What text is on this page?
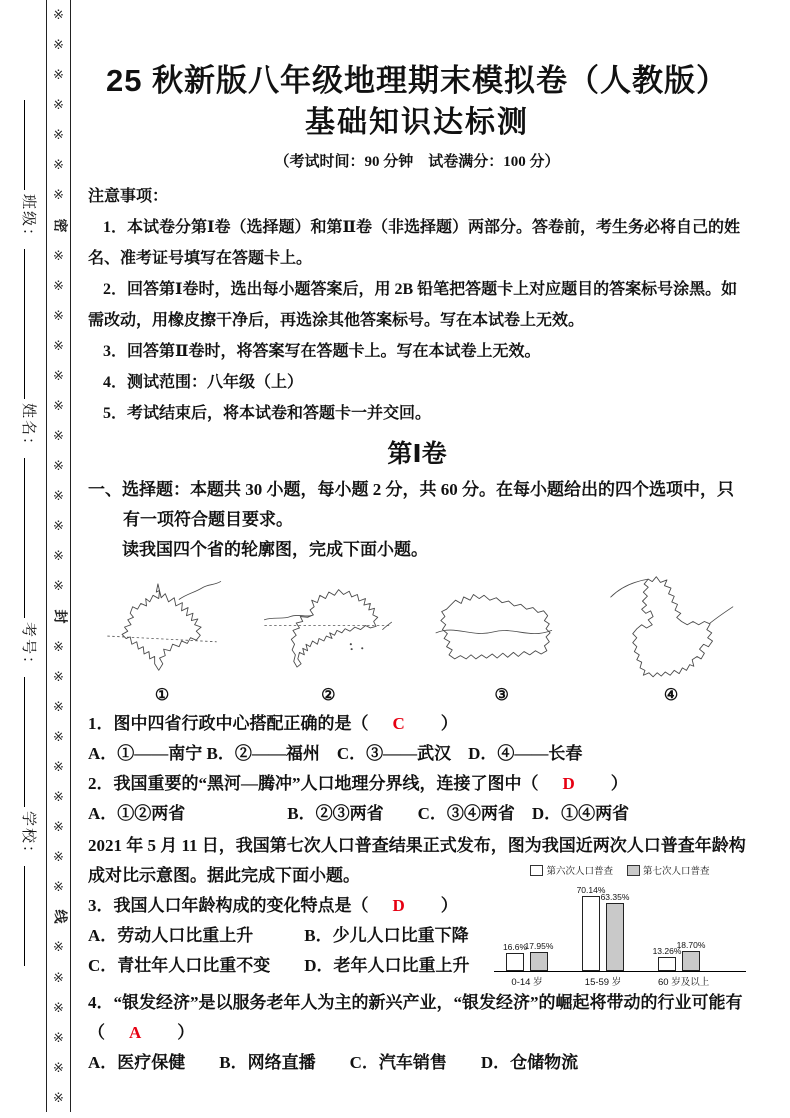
※
※
※
※
※
※
※
密
※
※
※
※
※
※
※
※
※
※
※
※
封
※
※
※
※
※
※
※
※
※
线
※
※
※
※
※
※
班级：姓名：考号：学校：
25 秋新版八年级地理期末模拟卷（人教版）
基础知识达标测

（考试时间：90 分钟　试卷满分：100 分）

注意事项：

1．本试卷分第Ⅰ卷（选择题）和第Ⅱ卷（非选择题）两部分。答卷前，考生务必将自己的姓名、准考证号填写在答题卡上。

2．回答第Ⅰ卷时，选出每小题答案后，用 2B 铅笔把答题卡上对应题目的答案标号涂黑。如需改动，用橡皮擦干净后，再选涂其他答案标号。写在本试卷上无效。

3．回答第Ⅱ卷时，将答案写在答题卡上。写在本试卷上无效。

4．测试范围：八年级（上）

5．考试结束后，将本试卷和答题卡一并交回。

第Ⅰ卷

一、选择题：本题共 30 小题，每小题 2 分，共 60 分。在每小题给出的四个选项中，只有一项符合题目要求。

读我国四个省的轮廓图，完成下面小题。

①	②	③	④

1．图中四省行政中心搭配正确的是（ C ）

A．①——南宁 B．②——福州　C．③——武汉　D．④——长春

2．我国重要的“黑河—腾冲”人口地理分界线，连接了图中（ D ）

A．①②两省　　　　　　B．②③两省　　C．③④两省　D．①④两省

第六次人口普查	第七次人口普查
16.6%
17.95%
70.14%
63.35%
13.26%
18.70%
0-14 岁	15-59 岁	60 岁及以上

2021 年 5 月 11 日，我国第七次人口普查结果正式发布，图为我国近两次人口普查年龄构成对比示意图。据此完成下面小题。

3．我国人口年龄构成的变化特点是（ D ）

A．劳动人口比重上升　　　B．少儿人口比重下降

C．青壮年人口比重不变　　D．老年人口比重上升

4．“银发经济”是以服务老年人为主的新兴产业，“银发经济”的崛起将带动的行业可能有（ A ）

A．医疗保健　　B．网络直播　　C．汽车销售　　D．仓储物流
